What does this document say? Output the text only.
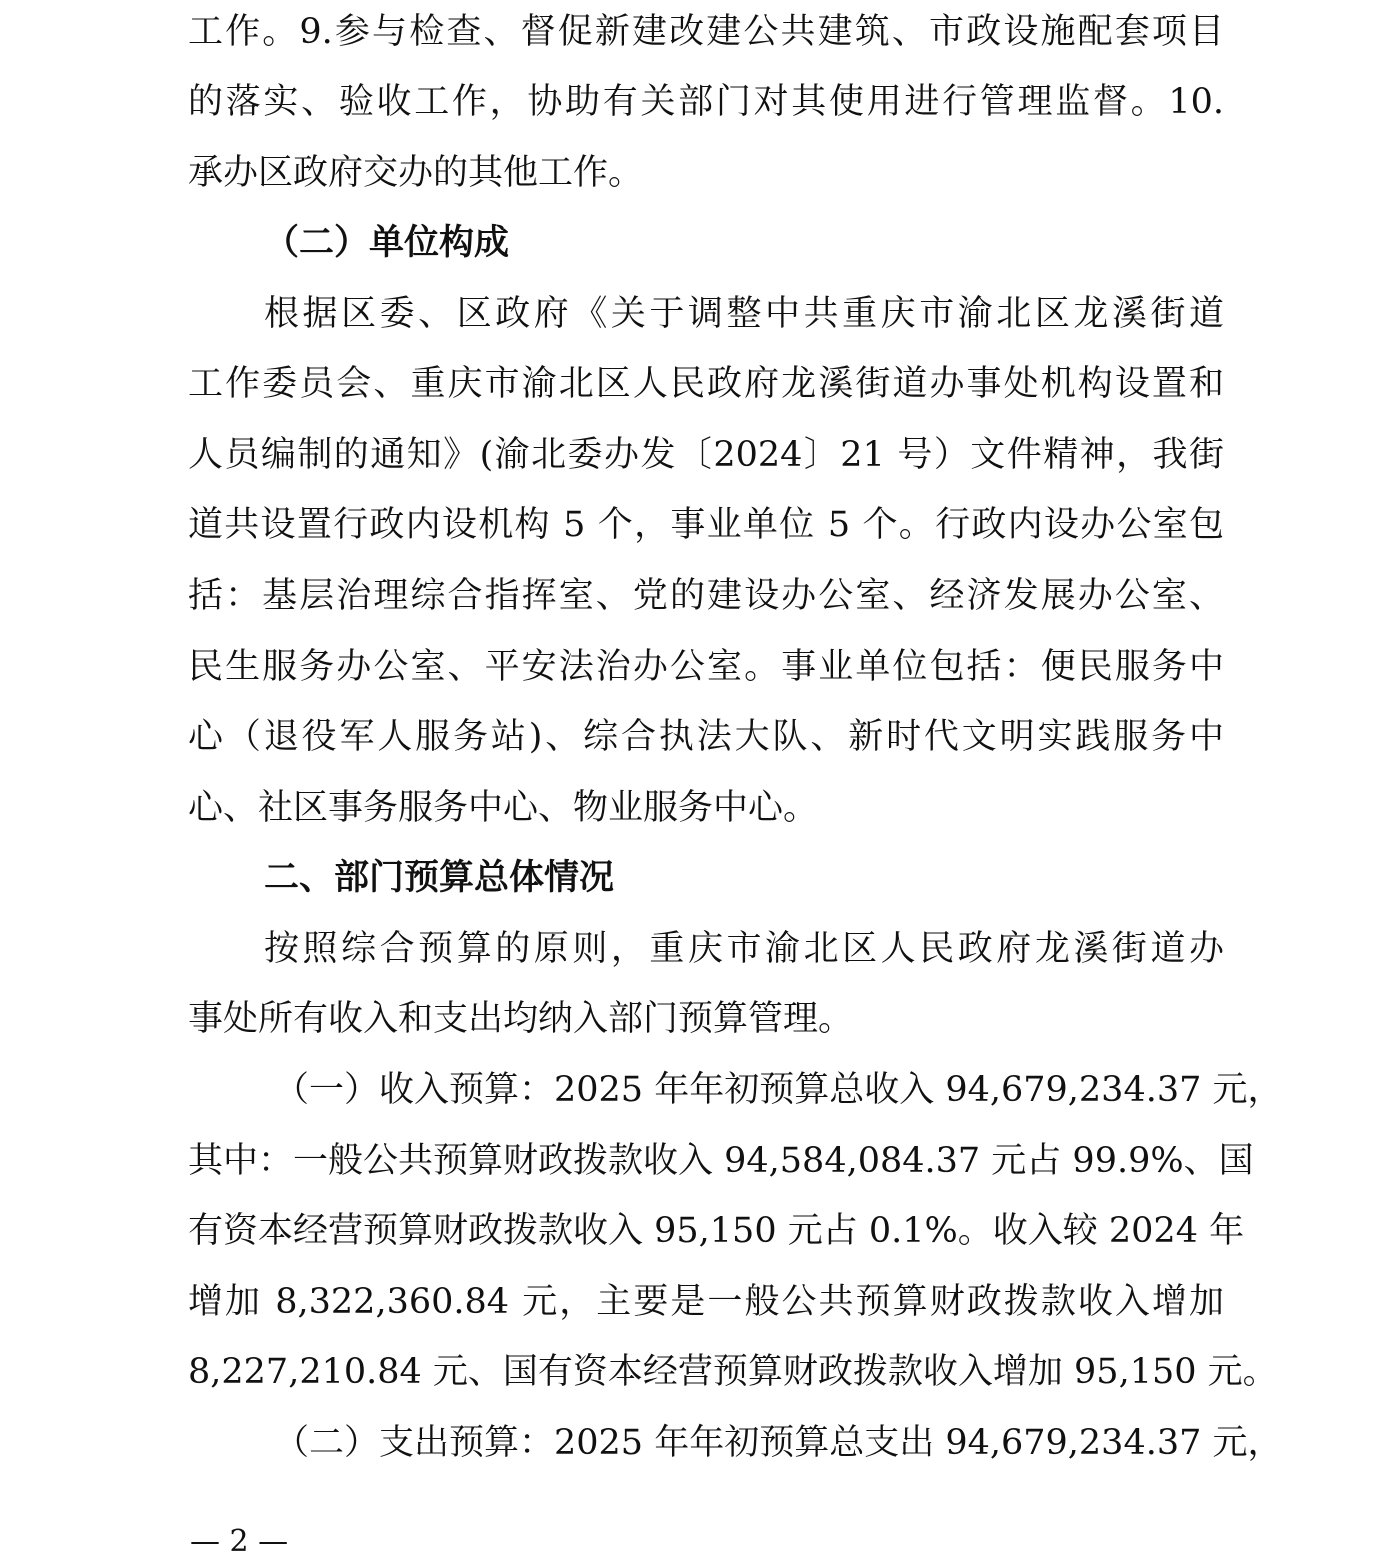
工作。9.参与检查、督促新建改建公共建筑、市政设施配套项目
的落实、验收工作，协助有关部门对其使用进行管理监督。10.
承办区政府交办的其他工作。
（二）单位构成
根据区委、区政府《关于调整中共重庆市渝北区龙溪街道
工作委员会、重庆市渝北区人民政府龙溪街道办事处机构设置和
人员编制的通知》(渝北委办发〔2024〕21 号）文件精神，我街
道共设置行政内设机构 5 个，事业单位 5 个。行政内设办公室包
括：基层治理综合指挥室、党的建设办公室、经济发展办公室、
民生服务办公室、平安法治办公室。事业单位包括：便民服务中
心（退役军人服务站)、综合执法大队、新时代文明实践服务中
心、社区事务服务中心、物业服务中心。
二、部门预算总体情况
按照综合预算的原则，重庆市渝北区人民政府龙溪街道办
事处所有收入和支出均纳入部门预算管理。
（一）收入预算：2025 年年初预算总收入 94,679,234.37 元，
其中：一般公共预算财政拨款收入 94,584,084.37 元占 99.9%、国
有资本经营预算财政拨款收入 95,150 元占 0.1%。收入较 2024 年
增加 8,322,360.84 元，主要是一般公共预算财政拨款收入增加
8,227,210.84 元、国有资本经营预算财政拨款收入增加 95,150 元。
（二）支出预算：2025 年年初预算总支出 94,679,234.37 元，
— 2 —
